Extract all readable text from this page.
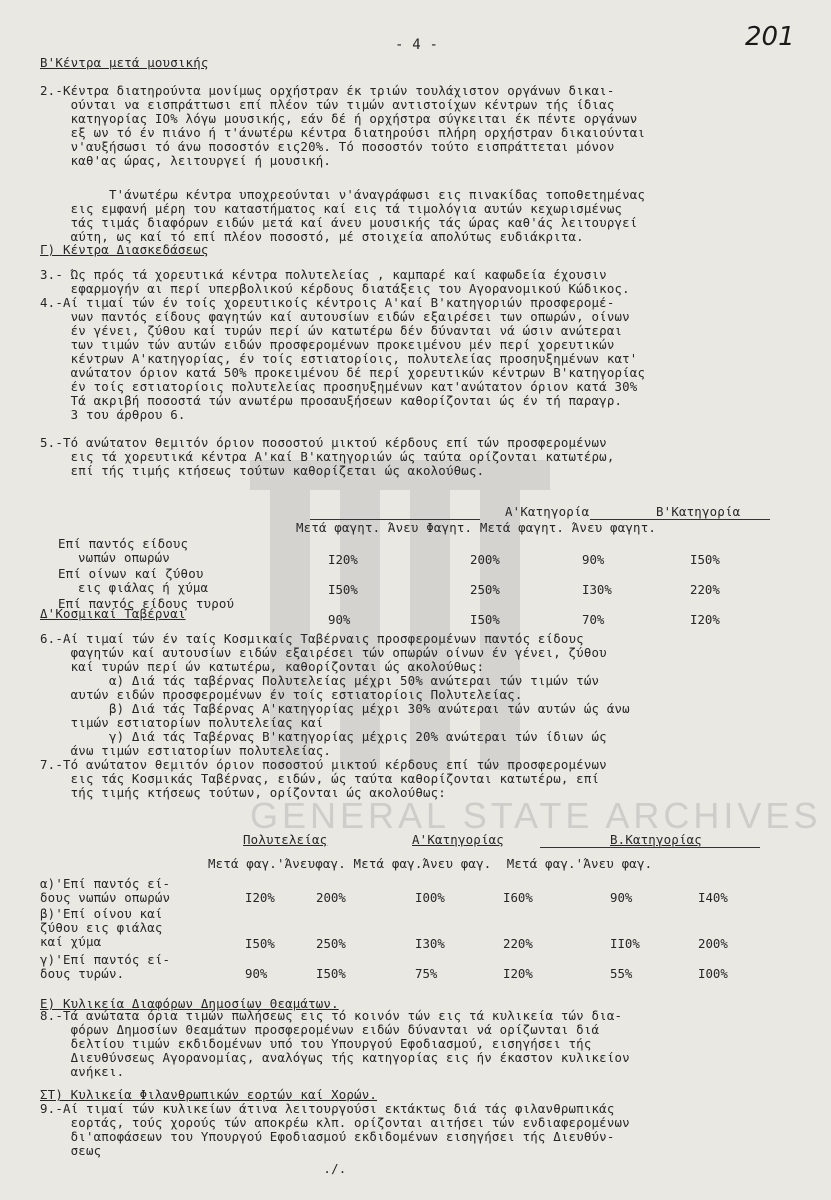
GENERAL STATE ARCHIVES
- 4 -	201
B'Κέντρα μετά μουσικής
2.-Κέντρα διατηρούντα μονίμως ορχήστραν έκ τριών τουλάχιστον οργάνων δικαι-
ούνται να εισπράττωσι επί πλέον τών τιμών αντιστοίχων κέντρων τής ίδιας
κατηγορίας ΙΟ% λόγω μουσικής, εάν δέ ή ορχήστρα σύγκειται έκ πέντε οργάνων
εξ ων τό έν πιάνο ή τ'άνωτέρω κέντρα διατηρούσι πλήρη ορχήστραν δικαιούνται
ν'αυξήσωσι τό άνω ποσοστόν εις20%. Τό ποσοστόν τούτο εισπράττεται μόνον
καθ'ας ώρας, λειτουργεί ή μουσική.
Τ'άνωτέρω κέντρα υποχρεούνται ν'άναγράφωσι εις πινακίδας τοποθετημένας
εις εμφανή μέρη του καταστήματος καί εις τά τιμολόγια αυτών κεχωρισμένως
τάς τιμάς διαφόρων ειδών μετά καί άνευ μουσικής τάς ώρας καθ'άς λειτουργεί
αύτη, ως καί τό επί πλέον ποσοστό, μέ στοιχεία απολύτως ευδιάκριτα.
Γ) Κέντρα Διασκεδάσεως
3.- Ώς πρός τά χορευτικά κέντρα πολυτελείας , καμπαρέ καί καφωδεία έχουσιν
εφαρμογήν αι περί υπερβολικού κέρδους διατάξεις του Αγορανομικού Κώδικος.
4.-Αί τιμαί τών έν τοίς χορευτικοίς κέντροις Α'καί Β'κατηγοριών προσφερομέ-
νων παντός είδους φαγητών καί αυτουσίων ειδών εξαιρέσει των οπωρών, οίνων
έν γένει, ζύθου καί τυρών περί ών κατωτέρω δέν δύνανται νά ώσιν ανώτεραι
των τιμών τών αυτών ειδών προσφερομένων προκειμένου μέν περί χορευτικών
κέντρων Α'κατηγορίας, έν τοίς εστιατορίοις, πολυτελείας προσηυξημένων κατ'
ανώτατον όριον κατά 50% προκειμένου δέ περί χορευτικών κέντρων Β'κατηγορίας
έν τοίς εστιατορίοις πολυτελείας προσηυξημένων κατ'ανώτατον όριον κατά 30%
Τά ακριβή ποσοστά τών ανωτέρω προσαυξήσεων καθορίζονται ώς έν τή παραγρ.
3 του άρθρου 6.
5.-Τό ανώτατον θεμιτόν όριον ποσοστού μικτού κέρδους επί τών προσφερομένων
εις τά χορευτικά κέντρα Α'καί Β'κατηγοριών ώς ταύτα ορίζονται κατωτέρω,
επί τής τιμής κτήσεως τούτων καθορίζεται ώς ακολούθως.
Α'Κατηγορία	Β'Κατηγορία
Μετά φαγητ. Άνευ Φαγητ. Μετά φαγητ. Άνευ φαγητ.
Επί παντός είδους
νωπών οπωρών	I20%	200%	90%	I50%
Επί οίνων καί ζύθου
εις φιάλας ή χύμα	I50%	250%	I30%	220%
Επί παντός είδους τυρού
90%	I50%	70%	I20%
Δ'Κοσμικαί Ταβέρναι
6.-Αί τιμαί τών έν ταίς Κοσμικαίς Ταβέρναις προσφερομένων παντός είδους
φαγητών καί αυτουσίων ειδών εξαιρέσει τών οπωρών οίνων έν γένει, ζύθου
καί τυρών περί ών κατωτέρω, καθορίζονται ώς ακολούθως:
α) Διά τάς ταβέρνας Πολυτελείας μέχρι 50% ανώτεραι τών τιμών τών
αυτών ειδών προσφερομένων έν τοίς εστιατορίοις Πολυτελείας.
β) Διά τάς Ταβέρνας Α'κατηγορίας μέχρι 30% ανώτεραι τών αυτών ώς άνω
τιμών εστιατορίων πολυτελείας καί
γ) Διά τάς Ταβέρνας Β'κατηγορίας μέχρις 20% ανώτεραι τών ίδιων ώς
άνω τιμών εστιατορίων πολυτελείας.
7.-Τό ανώτατον θεμιτόν όριον ποσοστού μικτού κέρδους επί τών προσφερομένων
εις τάς Κοσμικάς Ταβέρνας, ειδών, ώς ταύτα καθορίζονται κατωτέρω, επί
τής τιμής κτήσεως τούτων, ορίζονται ώς ακολούθως:
Πολυτελείας	Α'Κατηγορίας	Β.Κατηγορίας
Μετά φαγ.'Άνευφαγ. Μετά φαγ.Άνευ φαγ.  Μετά φαγ.'Άνευ φαγ.
α)'Επί παντός εί-
δους νωπών οπωρών	I20%	200%	I00%	I60%	90%	I40%
β)'Επί οίνου καί
ζύθου εις φιάλας
καί χύμα	I50%	250%	I30%	220%	II0%	200%
γ)'Επί παντός εί-
δους τυρών.	90%	I50%	75%	I20%	55%	I00%
Ε) Κυλικεία Διαφόρων Δημοσίων Θεαμάτων.
8.-Τά ανώτατα όρια τιμών πωλήσεως εις τό κοινόν τών εις τά κυλικεία τών δια-
φόρων Δημοσίων Θεαμάτων προσφερομένων ειδών δύνανται νά ορίζωνται διά
δελτίου τιμών εκδιδομένων υπό του Υπουργού Εφοδιασμού, εισηγήσει τής
Διευθύνσεως Αγορανομίας, αναλόγως τής κατηγορίας εις ήν έκαστον κυλικείον
ανήκει.
ΣΤ) Κυλικεία Φιλανθρωπικών εορτών καί Χορών.
9.-Αί τιμαί τών κυλικείων άτινα λειτουργούσι εκτάκτως διά τάς φιλανθρωπικάς
εορτάς, τούς χορούς τών αποκρέω κλπ. ορίζονται αιτήσει τών ενδιαφερομένων
δι'αποφάσεων του Υπουργού Εφοδιασμού εκδιδομένων εισηγήσει τής Διευθύν-
σεως
./.
